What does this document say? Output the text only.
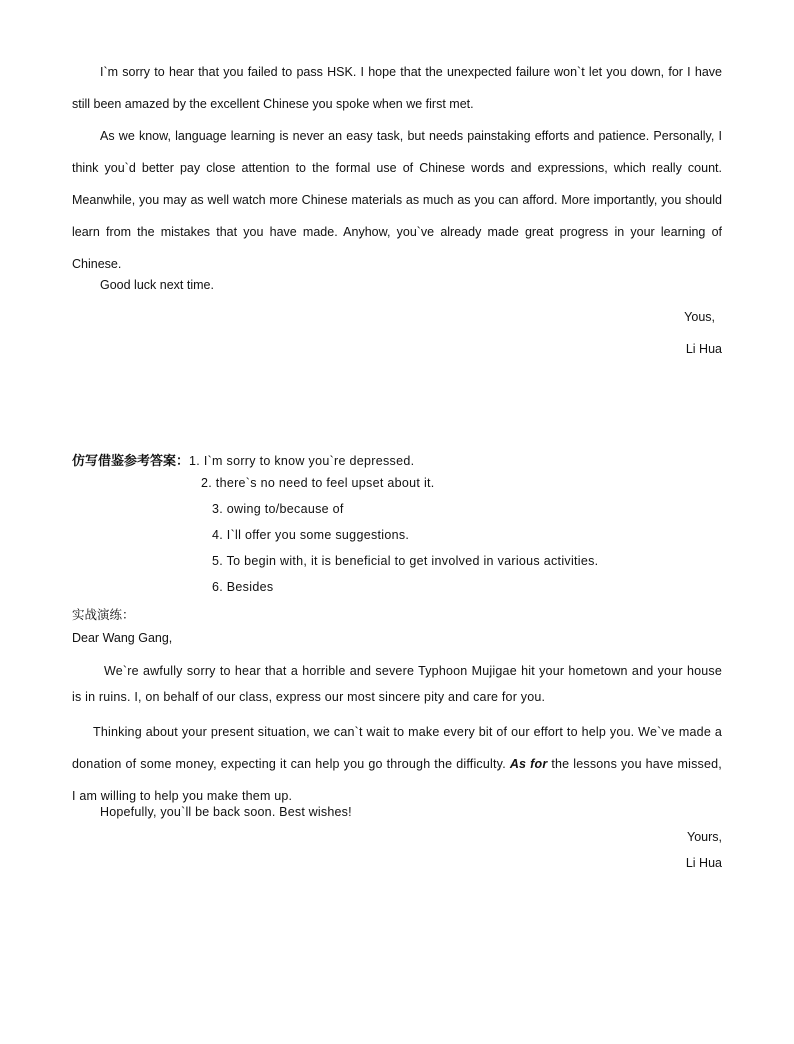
I`m sorry to hear that you failed to pass HSK. I hope that the unexpected failure won`t let you down, for I have still been amazed by the excellent Chinese you spoke when we first met.

As we know, language learning is never an easy task, but needs painstaking efforts and patience. Personally, I think you`d better pay close attention to the formal use of Chinese words and expressions, which really count. Meanwhile, you may as well watch more Chinese materials as much as you can afford. More importantly, you should learn from the mistakes that you have made. Anyhow, you`ve already made great progress in your learning of Chinese.

Good luck next time.

Yous,

Li Hua

仿写借鉴参考答案：1. I`m sorry to know you`re depressed.

2. there`s no need to feel upset about it.

3. owing to/because of

4. I`ll offer you some suggestions.

5. To begin with, it is beneficial to get involved in various activities.

6. Besides

实战演练：

Dear Wang Gang,

We`re awfully sorry to hear that a horrible and severe Typhoon Mujigae hit your hometown and your house is in ruins. I, on behalf of our class, express our most sincere pity and care for you.

Thinking about your present situation, we can`t wait to make every bit of our effort to help you. We`ve made a donation of some money, expecting it can help you go through the difficulty. As for the lessons you have missed, I am willing to help you make them up.

Hopefully, you`ll be back soon. Best wishes!

Yours,

Li Hua
